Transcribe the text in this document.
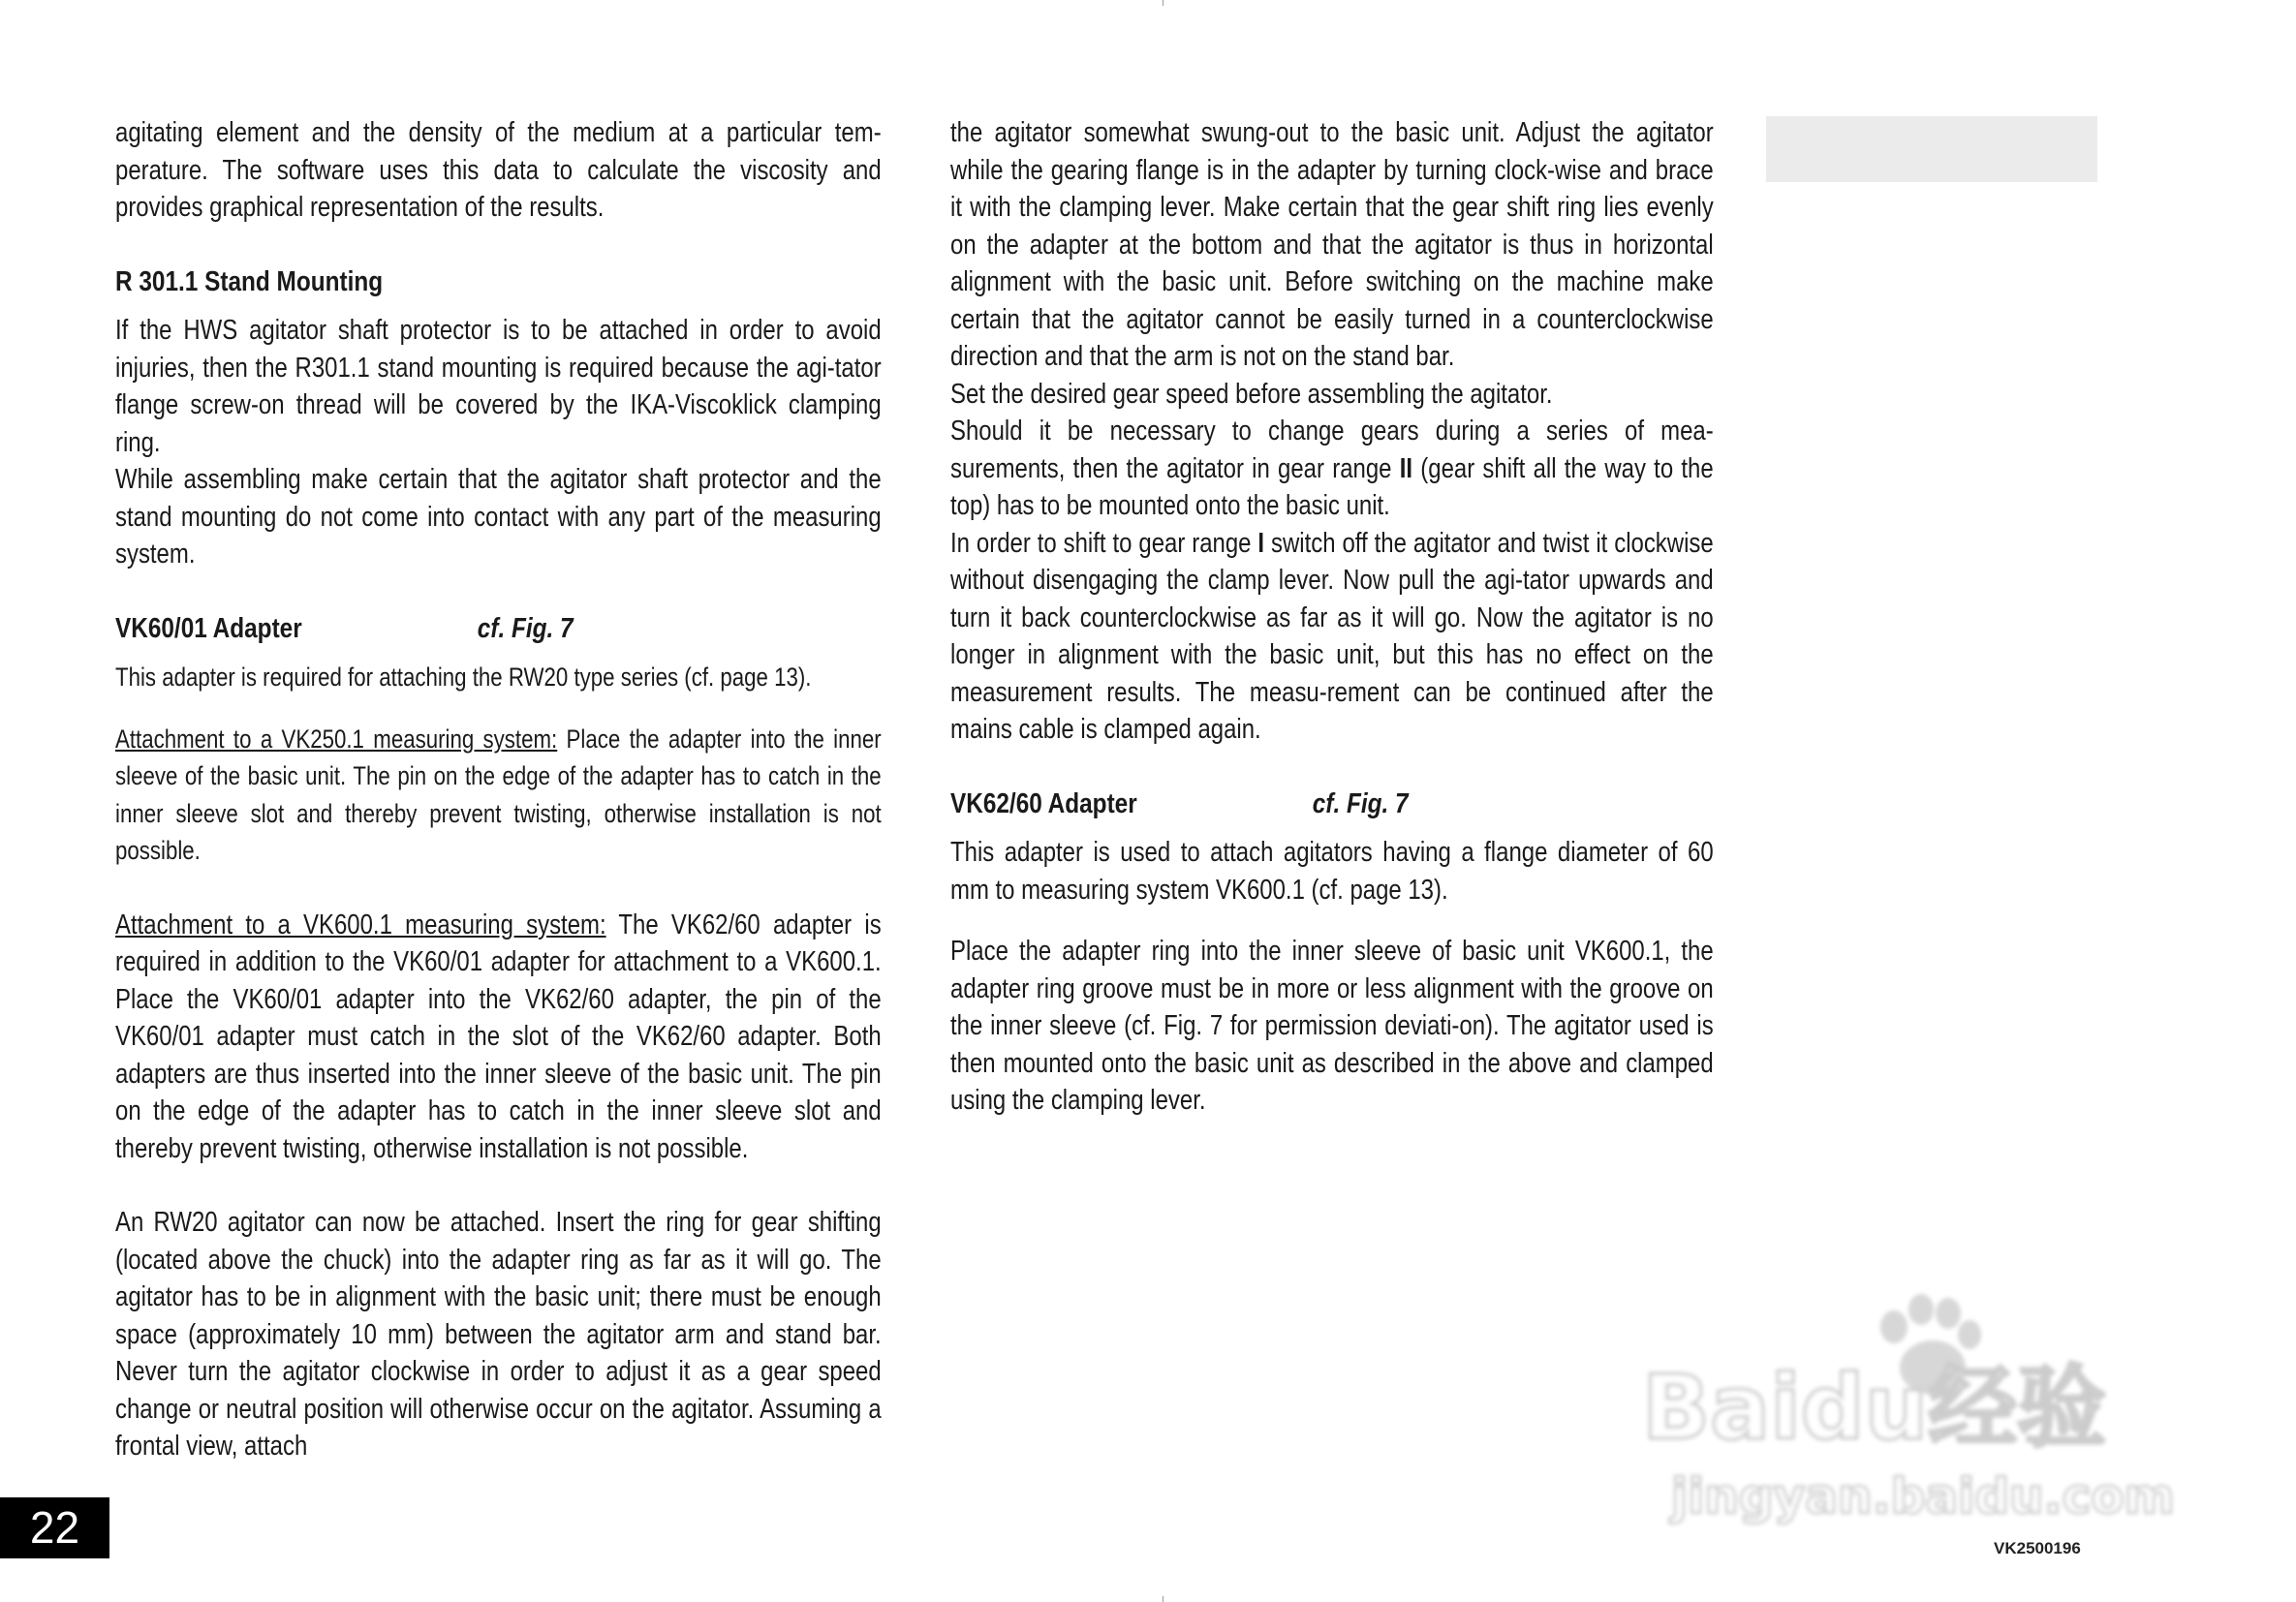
agitating element and the density of the medium at a particular tem-perature. The software uses this data to calculate the viscosity and provides graphical representation of the results.

R 301.1 Stand Mounting

If the HWS agitator shaft protector is to be attached in order to avoid injuries, then the R301.1 stand mounting is required because the agi-tator flange screw-on thread will be covered by the IKA-Viscoklick clamping ring.

While assembling make certain that the agitator shaft protector and the stand mounting do not come into contact with any part of the measuring system.

VK60/01 Adapter	cf. Fig. 7

This adapter is required for attaching the RW20 type series (cf. page 13).

Attachment to a VK250.1 measuring system: Place the adapter into the inner sleeve of the basic unit. The pin on the edge of the adapter has to catch in the inner sleeve slot and thereby prevent twisting, otherwise installation is not possible.

Attachment to a VK600.1 measuring system: The VK62/60 adapter is required in addition to the VK60/01 adapter for attachment to a VK600.1. Place the VK60/01 adapter into the VK62/60 adapter, the pin of the VK60/01 adapter must catch in the slot of the VK62/60 adapter. Both adapters are thus inserted into the inner sleeve of the basic unit. The pin on the edge of the adapter has to catch in the inner sleeve slot and thereby prevent twisting, otherwise installation is not possible.

An RW20 agitator can now be attached. Insert the ring for gear shifting (located above the chuck) into the adapter ring as far as it will go. The agitator has to be in alignment with the basic unit; there must be enough space (approximately 10 mm) between the agitator arm and stand bar. Never turn the agitator clockwise in order to adjust it as a gear speed change or neutral position will otherwise occur on the agitator. Assuming a frontal view, attach

the agitator somewhat swung-out to the basic unit. Adjust the agitator while the gearing flange is in the adapter by turning clock-wise and brace it with the clamping lever. Make certain that the gear shift ring lies evenly on the adapter at the bottom and that the agitator is thus in horizontal alignment with the basic unit. Before switching on the machine make certain that the agitator cannot be easily turned in a counterclockwise direction and that the arm is not on the stand bar.

Set the desired gear speed before assembling the agitator.

Should it be necessary to change gears during a series of mea-surements, then the agitator in gear range II (gear shift all the way to the top) has to be mounted onto the basic unit.

In order to shift to gear range I switch off the agitator and twist it clockwise without disengaging the clamp lever. Now pull the agi-tator upwards and turn it back counterclockwise as far as it will go. Now the agitator is no longer in alignment with the basic unit, but this has no effect on the measurement results. The measu-rement can be continued after the mains cable is clamped again.

VK62/60 Adapter	cf. Fig. 7

This adapter is used to attach agitators having a flange diameter of 60 mm to measuring system VK600.1 (cf. page 13).

Place the adapter ring into the inner sleeve of basic unit VK600.1, the adapter ring groove must be in more or less alignment with the groove on the inner sleeve (cf. Fig. 7 for permission deviati-on). The agitator used is then mounted onto the basic unit as described in the above and clamped using the clamping lever.

22	VK2500196
Baidu经验
jingyan.baidu.com
